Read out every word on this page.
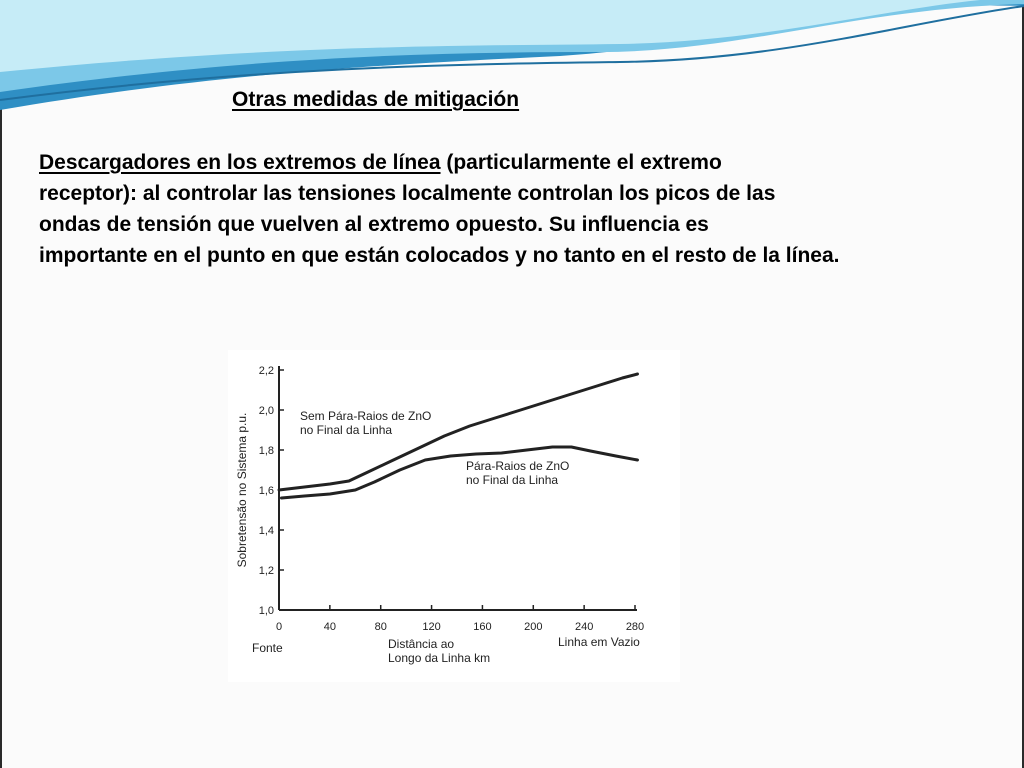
Otras medidas de mitigación

Descargadores en los extremos de línea (particularmente el extremo
receptor): al controlar las tensiones localmente controlan los picos de las
ondas de tensión que vuelven al extremo opuesto. Su influencia es
importante en el punto en que están colocados y no tanto en el resto de la línea.

1,0
1,2
1,4
1,6
1,8
2,0
2,2
0	40	80	120	160	200	240	280
Sobretensão no Sistema p.u.
Distância ao
Longo da Linha km
Fonte	Linha em Vazio
Sem Pára-Raios de ZnO
no Final da Linha
Pára-Raios de ZnO
no Final da Linha
